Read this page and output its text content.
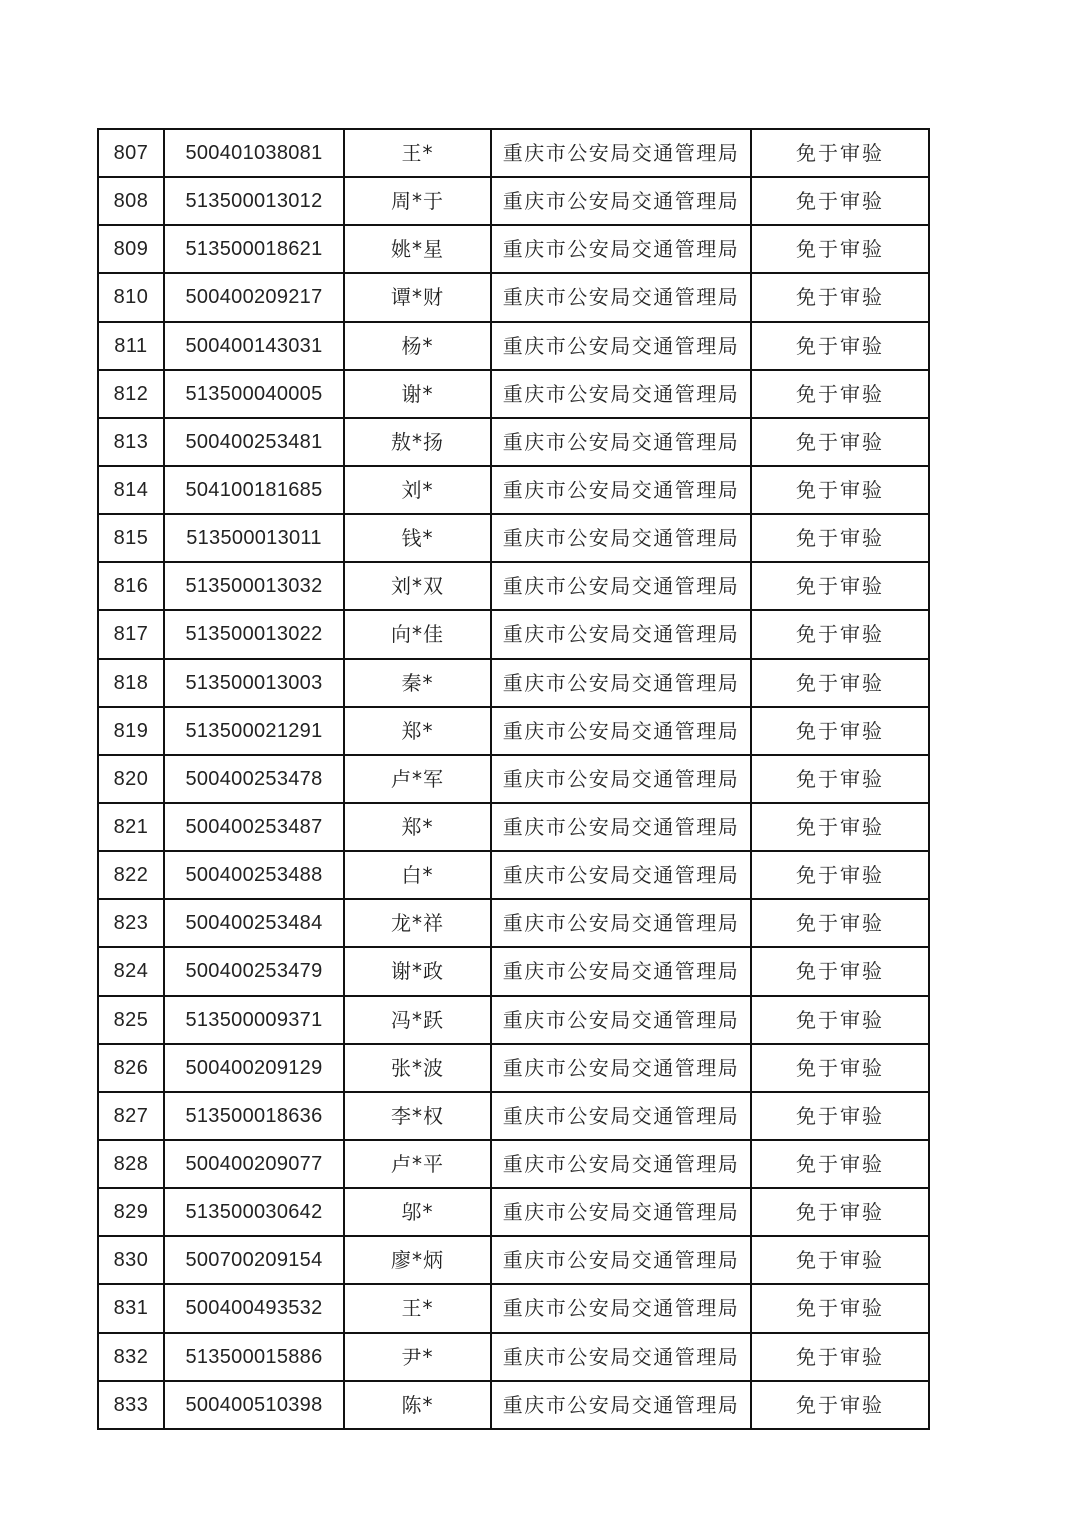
807	500401038081	王*	重庆市公安局交通管理局	免于审验
808	513500013012	周*于	重庆市公安局交通管理局	免于审验
809	513500018621	姚*星	重庆市公安局交通管理局	免于审验
810	500400209217	谭*财	重庆市公安局交通管理局	免于审验
811	500400143031	杨*	重庆市公安局交通管理局	免于审验
812	513500040005	谢*	重庆市公安局交通管理局	免于审验
813	500400253481	敖*扬	重庆市公安局交通管理局	免于审验
814	504100181685	刘*	重庆市公安局交通管理局	免于审验
815	513500013011	钱*	重庆市公安局交通管理局	免于审验
816	513500013032	刘*双	重庆市公安局交通管理局	免于审验
817	513500013022	向*佳	重庆市公安局交通管理局	免于审验
818	513500013003	秦*	重庆市公安局交通管理局	免于审验
819	513500021291	郑*	重庆市公安局交通管理局	免于审验
820	500400253478	卢*军	重庆市公安局交通管理局	免于审验
821	500400253487	郑*	重庆市公安局交通管理局	免于审验
822	500400253488	白*	重庆市公安局交通管理局	免于审验
823	500400253484	龙*祥	重庆市公安局交通管理局	免于审验
824	500400253479	谢*政	重庆市公安局交通管理局	免于审验
825	513500009371	冯*跃	重庆市公安局交通管理局	免于审验
826	500400209129	张*波	重庆市公安局交通管理局	免于审验
827	513500018636	李*权	重庆市公安局交通管理局	免于审验
828	500400209077	卢*平	重庆市公安局交通管理局	免于审验
829	513500030642	邬*	重庆市公安局交通管理局	免于审验
830	500700209154	廖*炳	重庆市公安局交通管理局	免于审验
831	500400493532	王*	重庆市公安局交通管理局	免于审验
832	513500015886	尹*	重庆市公安局交通管理局	免于审验
833	500400510398	陈*	重庆市公安局交通管理局	免于审验
